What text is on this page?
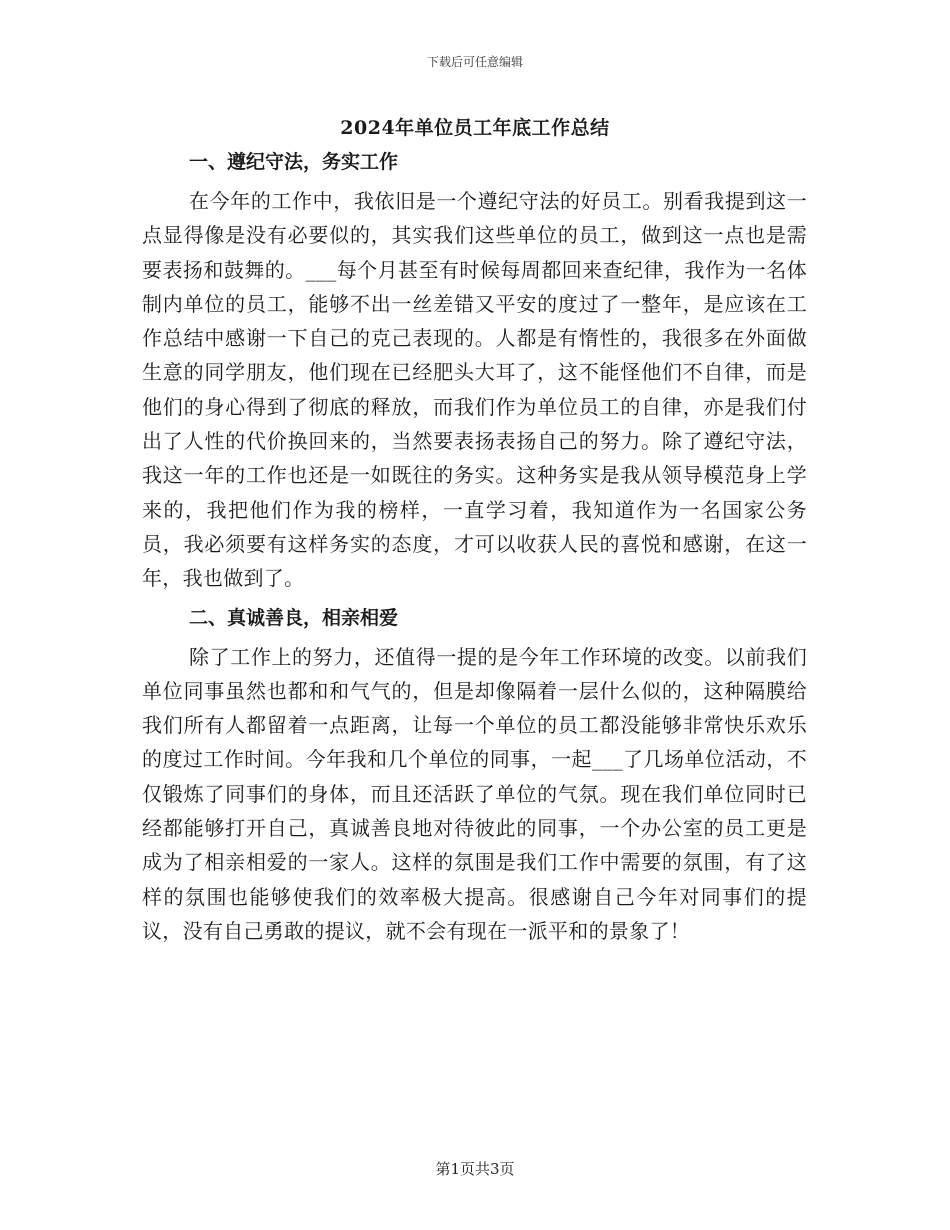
下载后可任意编辑
2024年单位员工年底工作总结
一、遵纪守法，务实工作

在今年的工作中，我依旧是一个遵纪守法的好员工。别看我提到这一点显得像是没有必要似的，其实我们这些单位的员工，做到这一点也是需要表扬和鼓舞的。___每个月甚至有时候每周都回来查纪律，我作为一名体制内单位的员工，能够不出一丝差错又平安的度过了一整年，是应该在工作总结中感谢一下自己的克己表现的。人都是有惰性的，我很多在外面做生意的同学朋友，他们现在已经肥头大耳了，这不能怪他们不自律，而是他们的身心得到了彻底的释放，而我们作为单位员工的自律，亦是我们付出了人性的代价换回来的，当然要表扬表扬自己的努力。除了遵纪守法，我这一年的工作也还是一如既往的务实。这种务实是我从领导模范身上学来的，我把他们作为我的榜样，一直学习着，我知道作为一名国家公务员，我必须要有这样务实的态度，才可以收获人民的喜悦和感谢，在这一年，我也做到了。

二、真诚善良，相亲相爱

除了工作上的努力，还值得一提的是今年工作环境的改变。以前我们单位同事虽然也都和和气气的，但是却像隔着一层什么似的，这种隔膜给我们所有人都留着一点距离，让每一个单位的员工都没能够非常快乐欢乐的度过工作时间。今年我和几个单位的同事，一起___了几场单位活动，不仅锻炼了同事们的身体，而且还活跃了单位的气氛。现在我们单位同时已经都能够打开自己，真诚善良地对待彼此的同事，一个办公室的员工更是成为了相亲相爱的一家人。这样的氛围是我们工作中需要的氛围，有了这样的氛围也能够使我们的效率极大提高。很感谢自己今年对同事们的提议，没有自己勇敢的提议，就不会有现在一派平和的景象了！

第1页共3页
